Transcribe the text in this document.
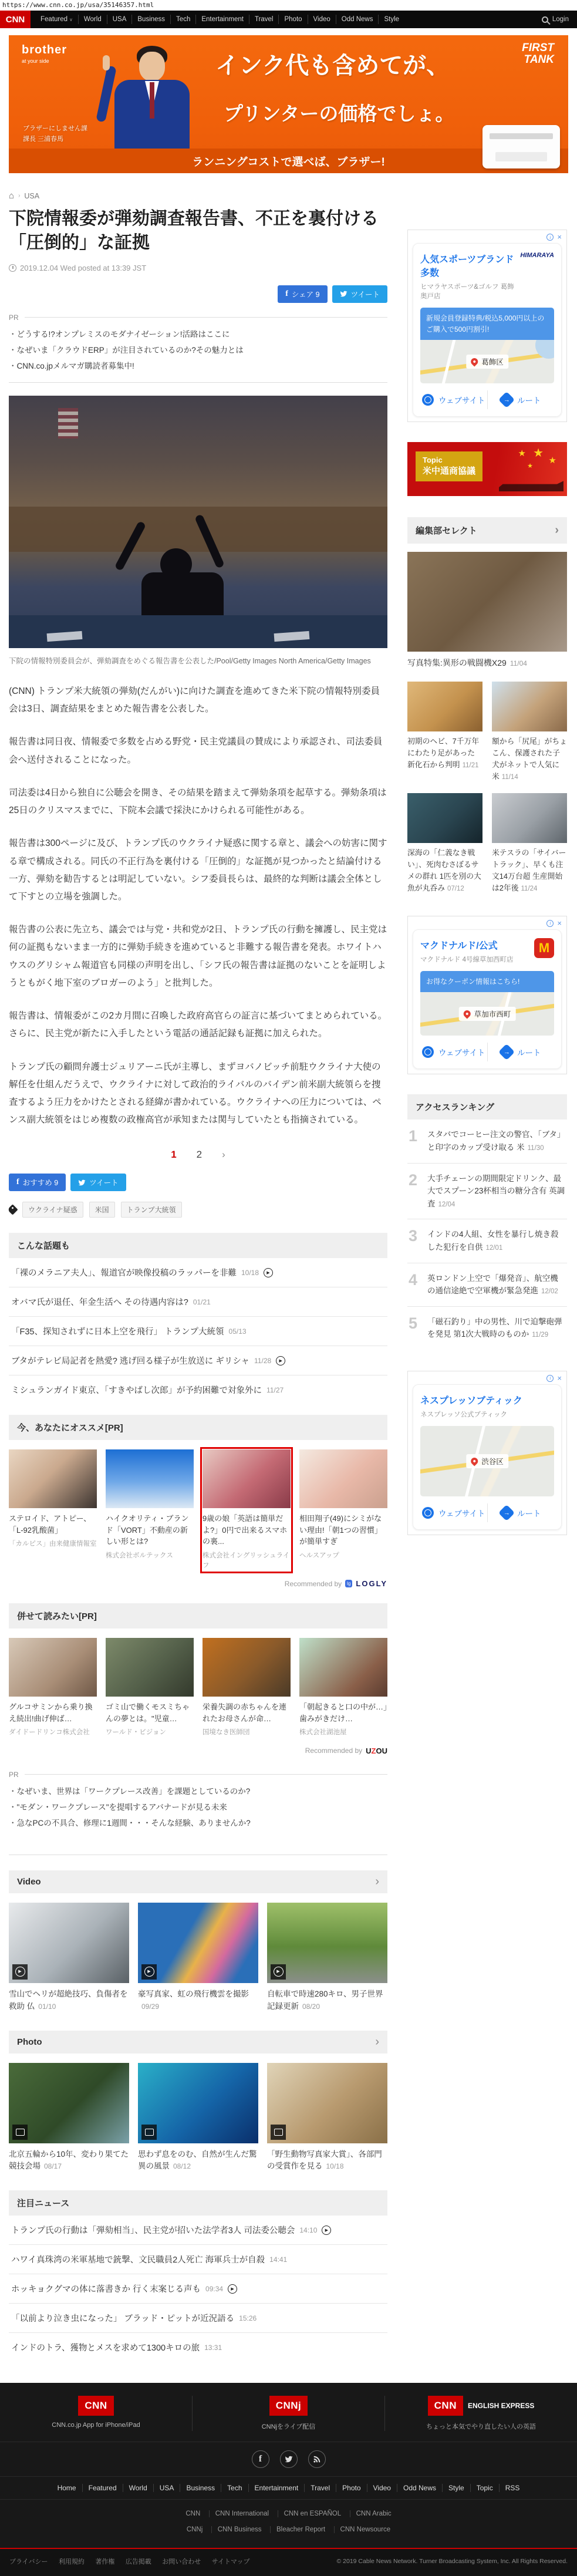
https://www.cnn.co.jp/usa/35146357.html
CNN	Featured ∨	World	USA	Business	Tech	Entertainment	Travel	Photo	Video	Odd News	Style	Login
brother
at your side
ブラザーにしません課
課長 三浦春馬
インク代も含めてが、
プリンターの価格でしょ。
FIRST
TANK
ランニングコストで選べば、ブラザー!
⌂ › USA
下院情報委が弾劾調査報告書、不正を裏付ける「圧倒的」な証拠
2019.12.04 Wed posted at 13:39 JST
f シェア 9	ツイート
PR
・ どうする!?オンプレミスのモダナイゼーション!活路はここに
・ なぜいま「クラウドERP」が注目されているのか?その魅力とは
・ CNN.co.jpメルマガ購読者募集中!
下院の情報特別委員会が、弾劾調査をめぐる報告書を公表した/Pool/Getty Images North America/Getty Images

(CNN) トランプ米大統領の弾劾(だんがい)に向けた調査を進めてきた米下院の情報特別委員会は3日、調査結果をまとめた報告書を公表した。

報告書は同日夜、情報委で多数を占める野党・民主党議員の賛成により承認され、司法委員会へ送付されることになった。

司法委は4日から独自に公聴会を開き、その結果を踏まえて弾劾条項を起草する。弾劾条項は25日のクリスマスまでに、下院本会議で採決にかけられる可能性がある。

報告書は300ページに及び、トランプ氏のウクライナ疑惑に関する章と、議会への妨害に関する章で構成される。同氏の不正行為を裏付ける「圧倒的」な証拠が見つかったと結論付ける一方、弾劾を勧告するとは明記していない。シフ委員長らは、最終的な判断は議会全体として下すとの立場を強調した。

報告書の公表に先立ち、議会では与党・共和党が2日、トランプ氏の行動を擁護し、民主党は何の証拠もないまま一方的に弾劾手続きを進めていると非難する報告書を発表。ホワイトハウスのグリシャム報道官も同様の声明を出し、「シフ氏の報告書は証拠のないことを証明しようともがく地下室のブロガーのよう」と批判した。

報告書は、情報委がこの2カ月間に召喚した政府高官らの証言に基づいてまとめられている。さらに、民主党が新たに入手したという電話の通話記録も証拠に加えられた。

トランプ氏の顧問弁護士ジュリアーニ氏が主導し、まずヨバノビッチ前駐ウクライナ大使の解任を仕組んだうえで、ウクライナに対して政治的ライバルのバイデン前米副大統領らを捜査するよう圧力をかけたとされる経緯が書かれている。ウクライナへの圧力については、ペンス副大統領をはじめ複数の政権高官が承知または関与していたとも指摘されている。

1 2 ›
f おすすめ 9	ツイート
ウクライナ疑惑	米国	トランプ大統領
こんな話題も
「裸のメラニア夫人」、報道官が映像投稿のラッパーを非難 10/18	▶
オバマ氏が退任、年金生活へ その待遇内容は? 01/21
「F35、探知されずに日本上空を飛行」 トランプ大統領 05/13
ブタがテレビ局記者を熱愛? 逃げ回る様子が生放送に ギリシャ 11/28	▶
ミシュランガイド東京、「すきやばし次郎」が予約困難で対象外に 11/27
今、あなたにオススメ[PR]
ステロイド、アトピー、「L-92乳酸菌」
「カルピス」由来健康情報室
ハイクオリティ・ブランド「VORT」不動産の新しい形とは?
株式会社ボルテックス
9歳の娘「英語は簡単だよ?」0円で出来るスマホの裏...
株式会社イングリッシュライフ
相田翔子(49)にシミがない理由!「朝1つの習慣」が簡単すぎ
ヘルスアップ
Recommended by	lg LOGLY
併せて読みたい[PR]
グルコサミンから乗り換え続出!曲げ伸ば…
ダイドードリンコ株式会社
ゴミ山で働くモスミちゃんの夢とは。"児童…
ワールド・ビジョン
栄養失調の赤ちゃんを連れたお母さんが命…
国境なき医師団
「朝起きると口の中が…」歯みがきだけ…
株式会社湖池屋
Recommended by UZOU
PR
・ なぜいま、世界は「ワークプレース改善」を課題としているのか?
・ "モダン・ワークプレース"を提唱するアバナードが見る未来
・ 急なPCの不具合、修理に1週間・・・そんな経験、ありませんか?
Video	›
▶
雪山でヘリが超絶技巧、負傷者を救助 仏 01/10
▶
豪写真家、虹の飛行機雲を撮影09/29
▶
自転車で時速280キロ、男子世界記録更新 08/20
Photo	›
北京五輪から10年、変わり果てた競技会場 08/17
思わず息をのむ、自然が生んだ驚異の風景 08/12
「野生動物写真家大賞」、各部門の受賞作を見る 10/18
注目ニュース
トランプ氏の行動は「弾劾相当」、民主党が招いた法学者3人 司法委公聴会 14:10	▶
ハワイ真珠湾の米軍基地で銃撃、文民職員2人死亡 海軍兵士が自殺 14:41
ホッキョクグマの体に落書きか 行く末案じる声も 09:34	▶
「以前より泣き虫になった」 ブラッド・ピットが近況語る 15:26
インドのトラ、獲物とメスを求めて1300キロの旅 13:31
i ×
人気スポーツブランド多数
ヒマラヤスポーツ&ゴルフ 葛飾奥戸店
HIMARAYA
新規会員登録特典/税込5,000円以上のご購入で500円割引!
葛飾区
ウェブサイト	→ ルート
★ ★
★
★
Topic
米中通商協議
編集部セレクト	›
写真特集:異形の戦闘機X29 11/04
初期のヘビ、7千万年にわたり足があった 新化石から判明 11/21
額から「尻尾」がちょこん、保護された子犬がネットで人気に 米 11/14
深海の「仁義なき戦い」、死肉むさぼるサメの群れ 1匹を別の大魚が丸呑み 07/12
米テスラの「サイバートラック」、早くも注文14万台超 生産開始は2年後 11/24
i ×
マクドナルド/公式
マクドナルド 4号線草加西町店
M
お得なクーポン情報はこちら!
草加市西町
ウェブサイト	→ ルート
アクセスランキング
1	スタバでコーヒー注文の警官、「ブタ」と印字のカップ受け取る 米 11/30
2	大手チェーンの期間限定ドリンク、最大でスプーン23杯相当の糖分含有 英調査 12/04
3	インドの4人組、女性を暴行し焼き殺した犯行を自供 12/01
4	英ロンドン上空で「爆発音」、航空機の通信途絶で空軍機が緊急発進 12/02
5	「磁石釣り」中の男性、川で迫撃砲弾を発見 第1次大戦時のものか 11/29
i ×
ネスプレッソブティック
ネスプレッソ公式ブティック
渋谷区
ウェブサイト	→ ルート
CNN
CNN.co.jp App for iPhone/iPad
CNNj
CNNjをライブ配信
CNN	ENGLISH EXPRESS
ちょっと本気でやり直したい人の英語
f
Home	Featured	World	USA	Business	Tech	Entertainment	Travel	Photo	Video	Odd News	Style	Topic	RSS
CNN CNN International CNN en ESPAÑOL CNN Arabic
CNNj CNN Business Bleacher Report CNN Newsource
プライバシー 利用規約 著作権 広告掲載 お問い合わせ サイトマップ	© 2019 Cable News Network. Turner Broadcasting System, Inc. All Rights Reserved.
